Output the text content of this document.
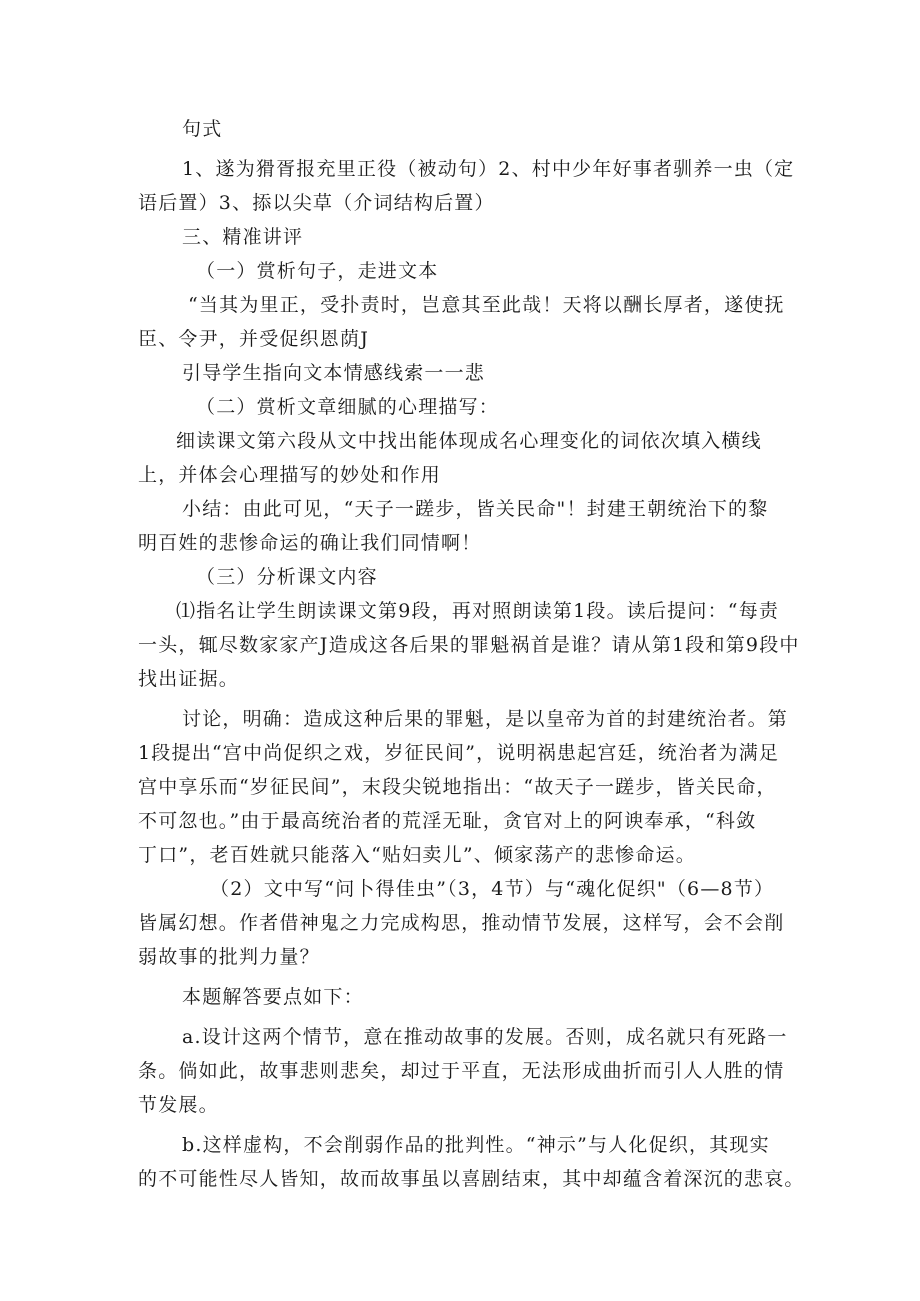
句式
1、遂为猾胥报充里正役（被动句）2、村中少年好事者驯养一虫（定
语后置）3、掭以尖草（介词结构后置）
三、精准讲评
（一）赏析句子，走进文本
“当其为里正，受扑责时，岂意其至此哉！天将以酬长厚者，遂使抚
臣、令尹，并受促织恩荫J
引导学生指向文本情感线索一一悲
（二）赏析文章细腻的心理描写：
细读课文第六段从文中找出能体现成名心理变化的词依次填入横线
上，并体会心理描写的妙处和作用
小结：由此可见，“天子一蹉步，皆关民命"！封建王朝统治下的黎
明百姓的悲惨命运的确让我们同情啊！
（三）分析课文内容
⑴指名让学生朗读课文第9段，再对照朗读第1段。读后提问：“每责
一头，辄尽数家家产J造成这各后果的罪魁祸首是谁？请从第1段和第9段中
找出证据。
讨论，明确：造成这种后果的罪魁，是以皇帝为首的封建统治者。第
1段提出“宫中尚促织之戏，岁征民间”，说明祸患起宫廷，统治者为满足
宫中享乐而“岁征民间”，末段尖锐地指出：“故天子一蹉步，皆关民命，
不可忽也。”由于最高统治者的荒淫无耻，贪官对上的阿谀奉承，“科敛
丁口”，老百姓就只能落入“贴妇卖儿”、倾家荡产的悲惨命运。
（2）文中写“问卜得佳虫”（3，4节）与“魂化促织"（6—8节）
皆属幻想。作者借神鬼之力完成构思，推动情节发展，这样写，会不会削
弱故事的批判力量？
本题解答要点如下：
a.设计这两个情节，意在推动故事的发展。否则，成名就只有死路一
条。倘如此，故事悲则悲矣，却过于平直，无法形成曲折而引人人胜的情
节发展。
b.这样虚构，不会削弱作品的批判性。“神示”与人化促织，其现实
的不可能性尽人皆知，故而故事虽以喜剧结束，其中却蕴含着深沉的悲哀。
